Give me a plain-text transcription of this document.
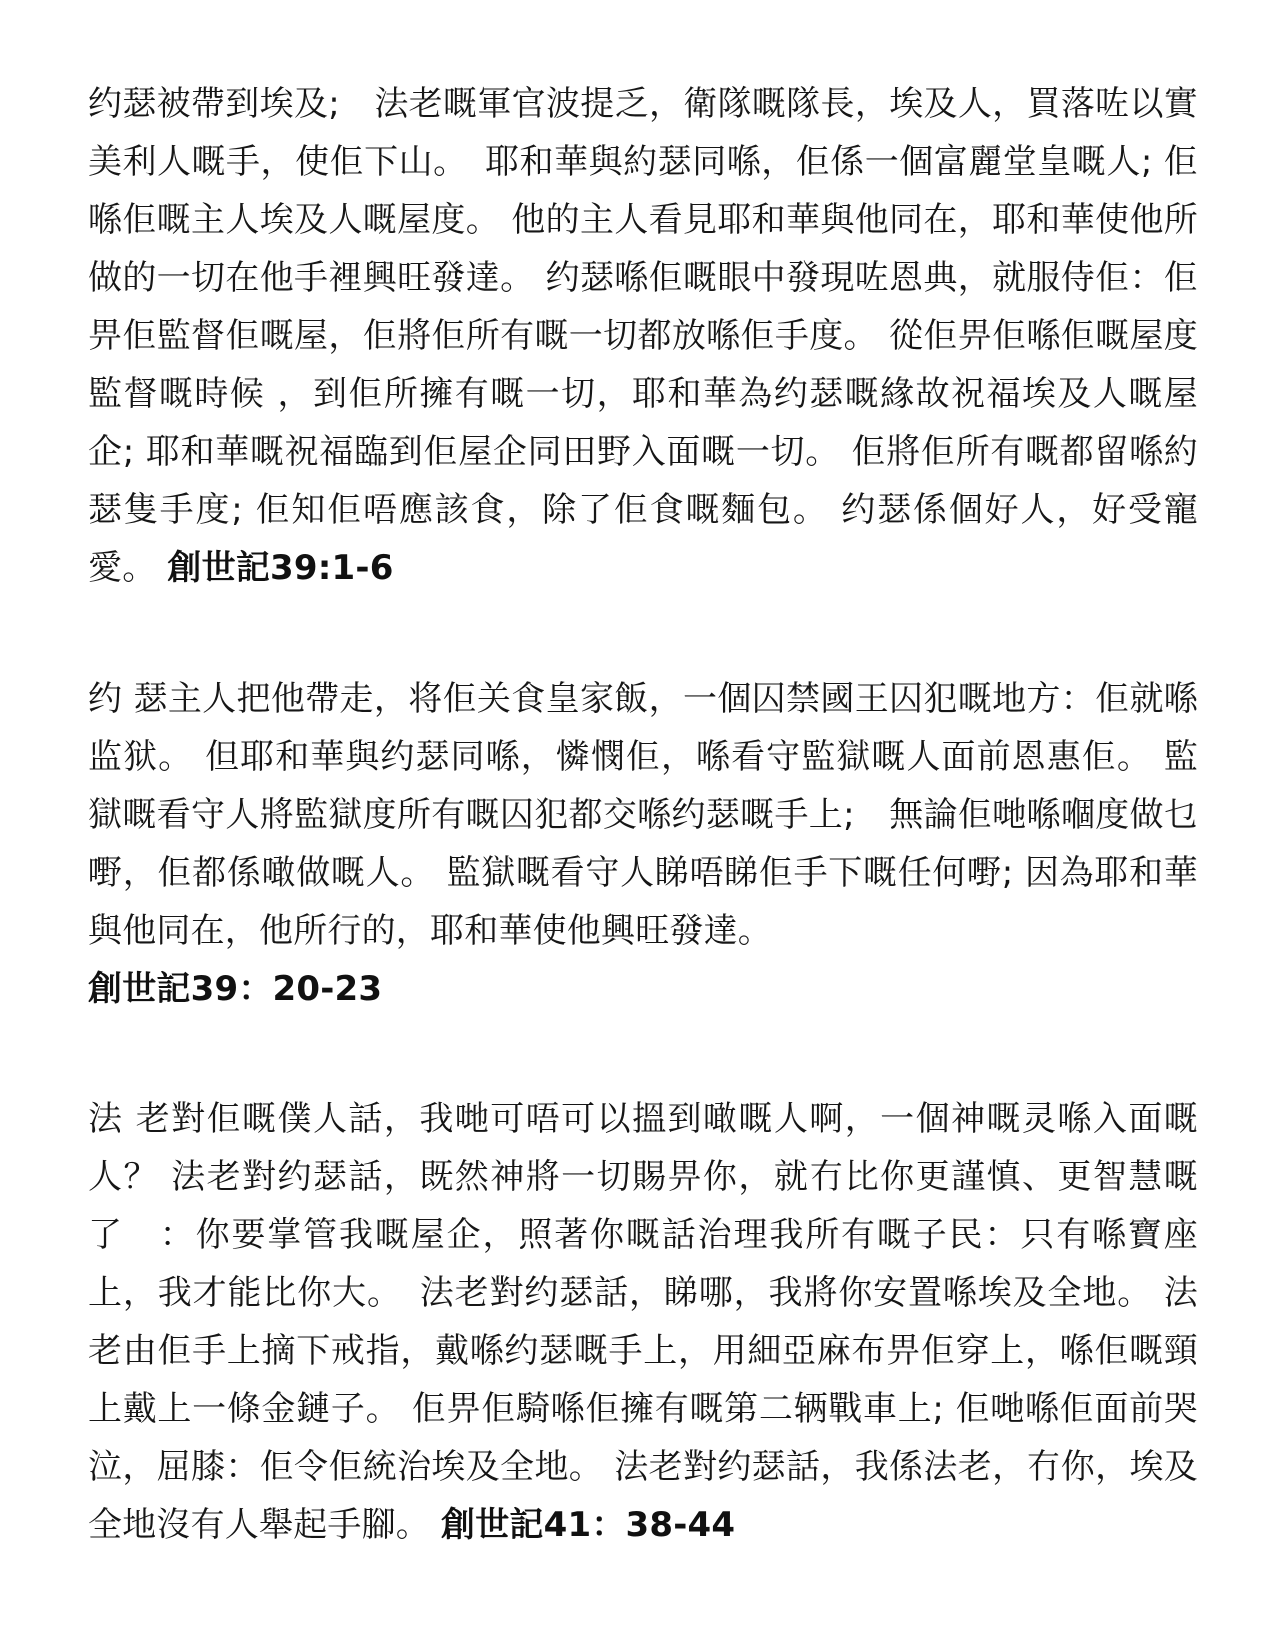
约瑟被帶到埃及;　法老嘅軍官波提乏，衛隊嘅隊長，埃及人，買落咗以實美利人嘅手，使佢下山。　耶和華與約瑟同喺，佢係一個富麗堂皇嘅人; 佢喺佢嘅主人埃及人嘅屋度。 他的主人看見耶和華與他同在，耶和華使他所做的一切在他手裡興旺發達。 约瑟喺佢嘅眼中發現咗恩典，就服侍佢：佢畀佢監督佢嘅屋，佢將佢所有嘅一切都放喺佢手度。 從佢畀佢喺佢嘅屋度監督嘅時候 ，到佢所擁有嘅一切，耶和華為约瑟嘅緣故祝福埃及人嘅屋企; 耶和華嘅祝福臨到佢屋企同田野入面嘅一切。 佢將佢所有嘅都留喺約瑟隻手度; 佢知佢唔應該食，除了佢食嘅麵包。 约瑟係個好人，好受寵愛。 創世記39:1-6

约 瑟主人把他帶走，将佢关食皇家飯，一個囚禁國王囚犯嘅地方：佢就喺监狱。 但耶和華與约瑟同喺，憐憫佢，喺看守監獄嘅人面前恩惠佢。 監獄嘅看守人將監獄度所有嘅囚犯都交喺约瑟嘅手上;　無論佢哋喺嗰度做乜嘢，佢都係噉做嘅人。 監獄嘅看守人睇唔睇佢手下嘅任何嘢; 因為耶和華與他同在，他所行的，耶和華使他興旺發達。
創世記39：20-23

法 老對佢嘅僕人話，我哋可唔可以搵到噉嘅人啊，一個神嘅灵喺入面嘅人？ 法老對约瑟話，既然神將一切賜畀你，就冇比你更謹慎、更智慧嘅了　：你要掌管我嘅屋企，照著你嘅話治理我所有嘅子民：只有喺寶座上，我才能比你大。　法老對约瑟話，睇哪，我將你安置喺埃及全地。 法 老由佢手上摘下戒指，戴喺约瑟嘅手上，用細亞麻布畀佢穿上，喺佢嘅頸上戴上一條金鏈子。 佢畀佢騎喺佢擁有嘅第二辆戰車上; 佢哋喺佢面前哭泣，屈膝：佢令佢統治埃及全地。 法老對约瑟話，我係法老，冇你，埃及全地沒有人舉起手腳。 創世記41：38-44
